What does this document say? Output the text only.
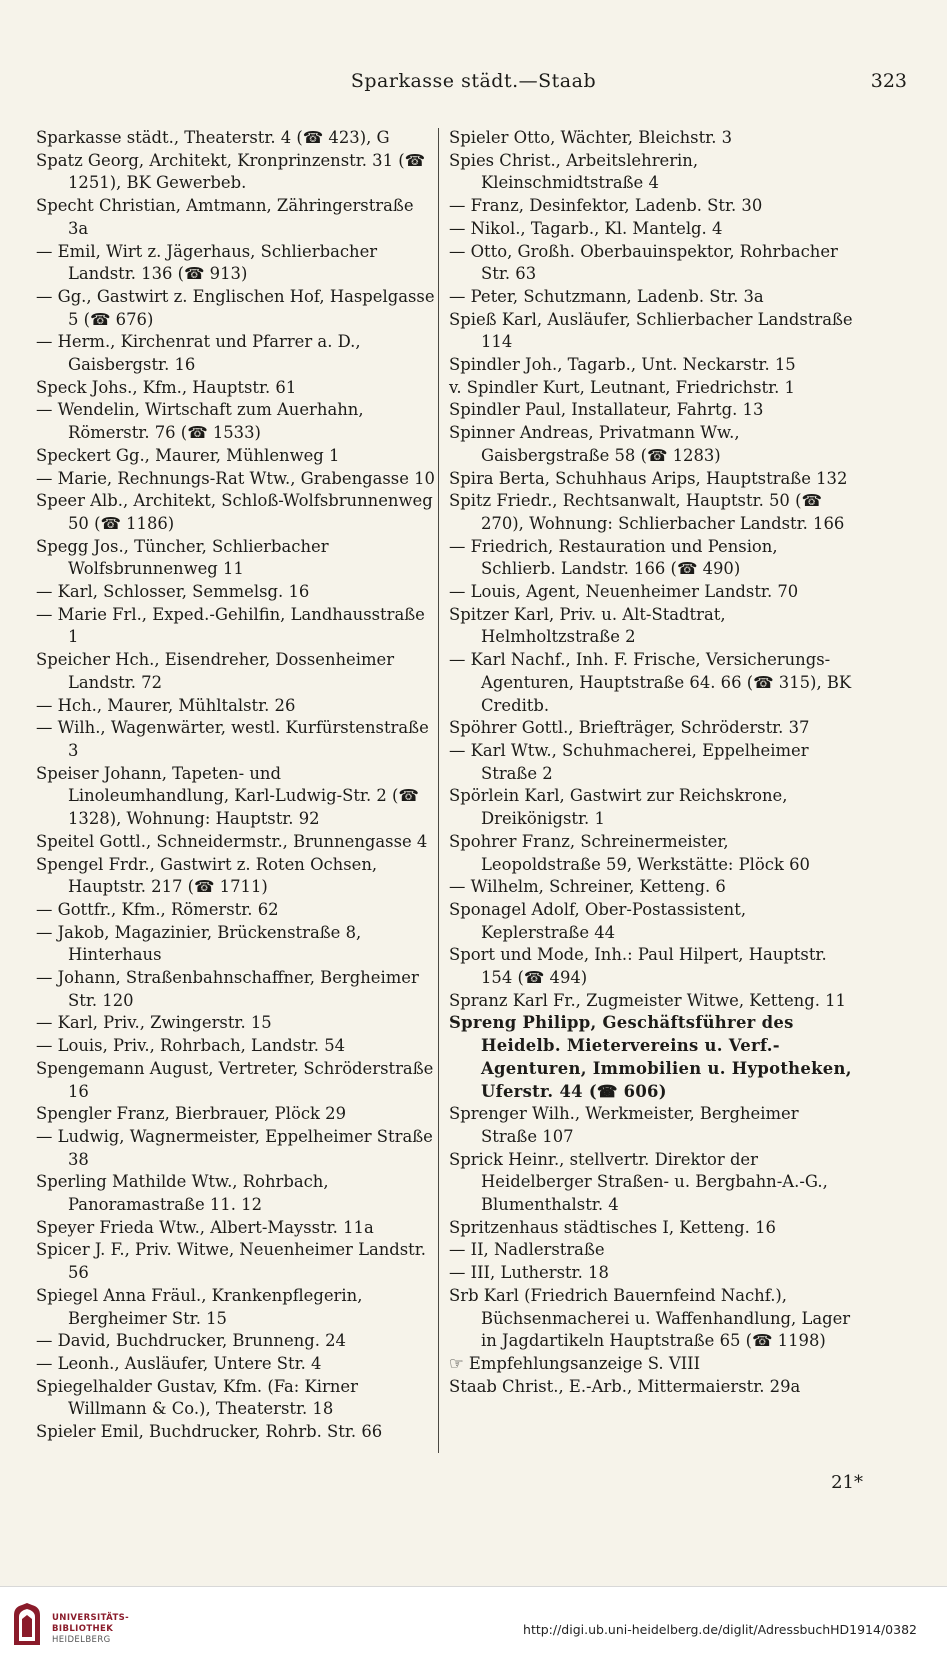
Sparkasse städt.—Staab	323
Sparkasse städt., Theaterstr. 4 (☎ 423), G
Spatz Georg, Architekt, Kronprinzenstr. 31 (☎ 1251), BK Gewerbeb.
Specht Christian, Amtmann, Zähringerstraße 3a
— Emil, Wirt z. Jägerhaus, Schlierbacher Landstr. 136 (☎ 913)
— Gg., Gastwirt z. Englischen Hof, Haspelgasse 5 (☎ 676)
— Herm., Kirchenrat und Pfarrer a. D., Gaisbergstr. 16
Speck Johs., Kfm., Hauptstr. 61
— Wendelin, Wirtschaft zum Auerhahn, Römerstr. 76 (☎ 1533)
Speckert Gg., Maurer, Mühlenweg 1
— Marie, Rechnungs-Rat Wtw., Grabengasse 10
Speer Alb., Architekt, Schloß-Wolfsbrunnenweg 50 (☎ 1186)
Spegg Jos., Tüncher, Schlierbacher Wolfsbrunnenweg 11
— Karl, Schlosser, Semmelsg. 16
— Marie Frl., Exped.-Gehilfin, Landhausstraße 1
Speicher Hch., Eisendreher, Dossenheimer Landstr. 72
— Hch., Maurer, Mühltalstr. 26
— Wilh., Wagenwärter, westl. Kurfürstenstraße 3
Speiser Johann, Tapeten- und Linoleumhandlung, Karl-Ludwig-Str. 2 (☎ 1328), Wohnung: Hauptstr. 92
Speitel Gottl., Schneidermstr., Brunnengasse 4
Spengel Frdr., Gastwirt z. Roten Ochsen, Hauptstr. 217 (☎ 1711)
— Gottfr., Kfm., Römerstr. 62
— Jakob, Magazinier, Brückenstraße 8, Hinterhaus
— Johann, Straßenbahnschaffner, Bergheimer Str. 120
— Karl, Priv., Zwingerstr. 15
— Louis, Priv., Rohrbach, Landstr. 54
Spengemann August, Vertreter, Schröderstraße 16
Spengler Franz, Bierbrauer, Plöck 29
— Ludwig, Wagnermeister, Eppelheimer Straße 38
Sperling Mathilde Wtw., Rohrbach, Panoramastraße 11. 12
Speyer Frieda Wtw., Albert-Maysstr. 11a
Spicer J. F., Priv. Witwe, Neuenheimer Landstr. 56
Spiegel Anna Fräul., Krankenpflegerin, Bergheimer Str. 15
— David, Buchdrucker, Brunneng. 24
— Leonh., Ausläufer, Untere Str. 4
Spiegelhalder Gustav, Kfm. (Fa: Kirner Willmann & Co.), Theaterstr. 18
Spieler Emil, Buchdrucker, Rohrb. Str. 66
Spieler Otto, Wächter, Bleichstr. 3
Spies Christ., Arbeitslehrerin, Kleinschmidtstraße 4
— Franz, Desinfektor, Ladenb. Str. 30
— Nikol., Tagarb., Kl. Mantelg. 4
— Otto, Großh. Oberbauinspektor, Rohrbacher Str. 63
— Peter, Schutzmann, Ladenb. Str. 3a
Spieß Karl, Ausläufer, Schlierbacher Landstraße 114
Spindler Joh., Tagarb., Unt. Neckarstr. 15
v. Spindler Kurt, Leutnant, Friedrichstr. 1
Spindler Paul, Installateur, Fahrtg. 13
Spinner Andreas, Privatmann Ww., Gaisbergstraße 58 (☎ 1283)
Spira Berta, Schuhhaus Arips, Hauptstraße 132
Spitz Friedr., Rechtsanwalt, Hauptstr. 50 (☎ 270), Wohnung: Schlierbacher Landstr. 166
— Friedrich, Restauration und Pension, Schlierb. Landstr. 166 (☎ 490)
— Louis, Agent, Neuenheimer Landstr. 70
Spitzer Karl, Priv. u. Alt-Stadtrat, Helmholtzstraße 2
— Karl Nachf., Inh. F. Frische, Versicherungs-Agenturen, Hauptstraße 64. 66 (☎ 315), BK Creditb.
Spöhrer Gottl., Briefträger, Schröderstr. 37
— Karl Wtw., Schuhmacherei, Eppelheimer Straße 2
Spörlein Karl, Gastwirt zur Reichskrone, Dreikönigstr. 1
Spohrer Franz, Schreinermeister, Leopoldstraße 59, Werkstätte: Plöck 60
— Wilhelm, Schreiner, Ketteng. 6
Sponagel Adolf, Ober-Postassistent, Keplerstraße 44
Sport und Mode, Inh.: Paul Hilpert, Hauptstr. 154 (☎ 494)
Spranz Karl Fr., Zugmeister Witwe, Ketteng. 11
Spreng Philipp, Geschäftsführer des Heidelb. Mietervereins u. Verf.-Agenturen, Immobilien u. Hypotheken, Uferstr. 44 (☎ 606)
Sprenger Wilh., Werkmeister, Bergheimer Straße 107
Sprick Heinr., stellvertr. Direktor der Heidelberger Straßen- u. Bergbahn-A.-G., Blumenthalstr. 4
Spritzenhaus städtisches I, Ketteng. 16
— II, Nadlerstraße
— III, Lutherstr. 18
Srb Karl (Friedrich Bauernfeind Nachf.), Büchsenmacherei u. Waffenhandlung, Lager in Jagdartikeln Hauptstraße 65 (☎ 1198)
☞ Empfehlungsanzeige S. VIII
Staab Christ., E.-Arb., Mittermaierstr. 29a
21*
UNIVERSITÄTS-
BIBLIOTHEK
HEIDELBERG
http://digi.ub.uni-heidelberg.de/diglit/AdressbuchHD1914/0382
